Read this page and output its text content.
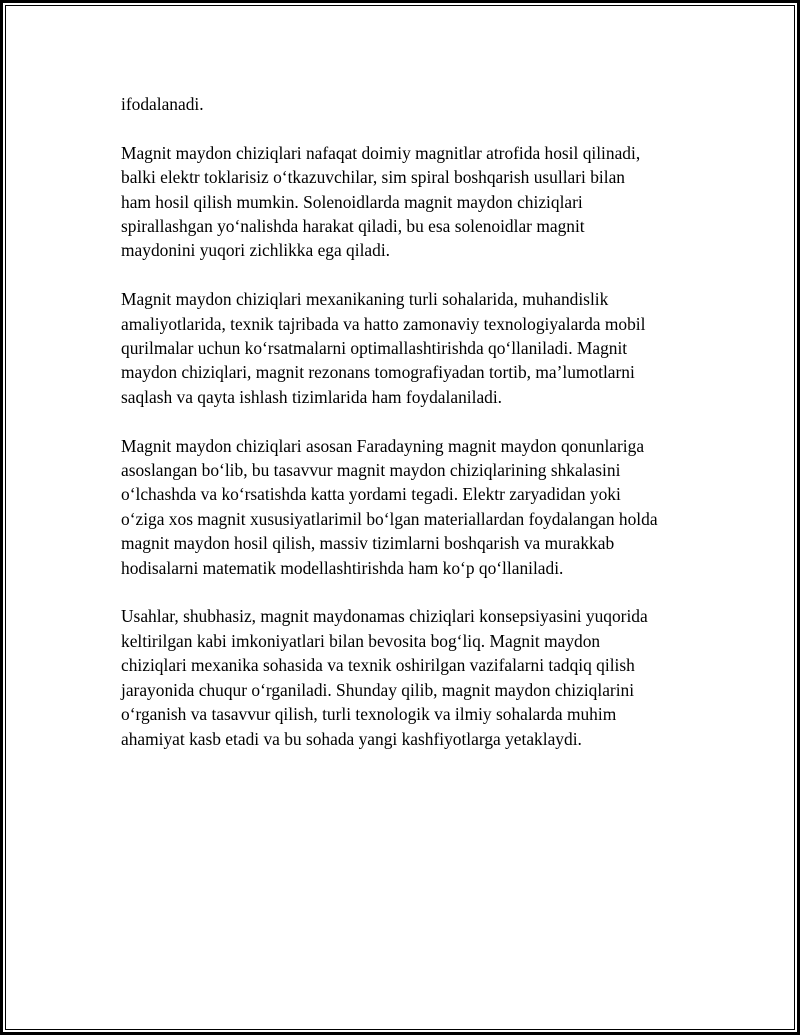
ifodalanadi.

Magnit maydon chiziqlari nafaqat doimiy magnitlar atrofida hosil qilinadi,
balki elektr toklarisiz o‘tkazuvchilar, sim spiral boshqarish usullari bilan
ham hosil qilish mumkin. Solenoidlarda magnit maydon chiziqlari
spirallashgan yo‘nalishda harakat qiladi, bu esa solenoidlar magnit
maydonini yuqori zichlikka ega qiladi.

Magnit maydon chiziqlari mexanikaning turli sohalarida, muhandislik
amaliyotlarida, texnik tajribada va hatto zamonaviy texnologiyalarda mobil
qurilmalar uchun ko‘rsatmalarni optimallashtirishda qo‘llaniladi. Magnit
maydon chiziqlari, magnit rezonans tomografiyadan tortib, ma’lumotlarni
saqlash va qayta ishlash tizimlarida ham foydalaniladi.

Magnit maydon chiziqlari asosan Faradayning magnit maydon qonunlariga
asoslangan bo‘lib, bu tasavvur magnit maydon chiziqlarining shkalasini
o‘lchashda va ko‘rsatishda katta yordami tegadi. Elektr zaryadidan yoki
o‘ziga xos magnit xususiyatlarimil bo‘lgan materiallardan foydalangan holda
magnit maydon hosil qilish, massiv tizimlarni boshqarish va murakkab
hodisalarni matematik modellashtirishda ham ko‘p qo‘llaniladi.

Usahlar, shubhasiz, magnit maydonamas chiziqlari konsepsiyasini yuqorida
keltirilgan kabi imkoniyatlari bilan bevosita bog‘liq. Magnit maydon
chiziqlari mexanika sohasida va texnik oshirilgan vazifalarni tadqiq qilish
jarayonida chuqur o‘rganiladi. Shunday qilib, magnit maydon chiziqlarini
o‘rganish va tasavvur qilish, turli texnologik va ilmiy sohalarda muhim
ahamiyat kasb etadi va bu sohada yangi kashfiyotlarga yetaklaydi.
